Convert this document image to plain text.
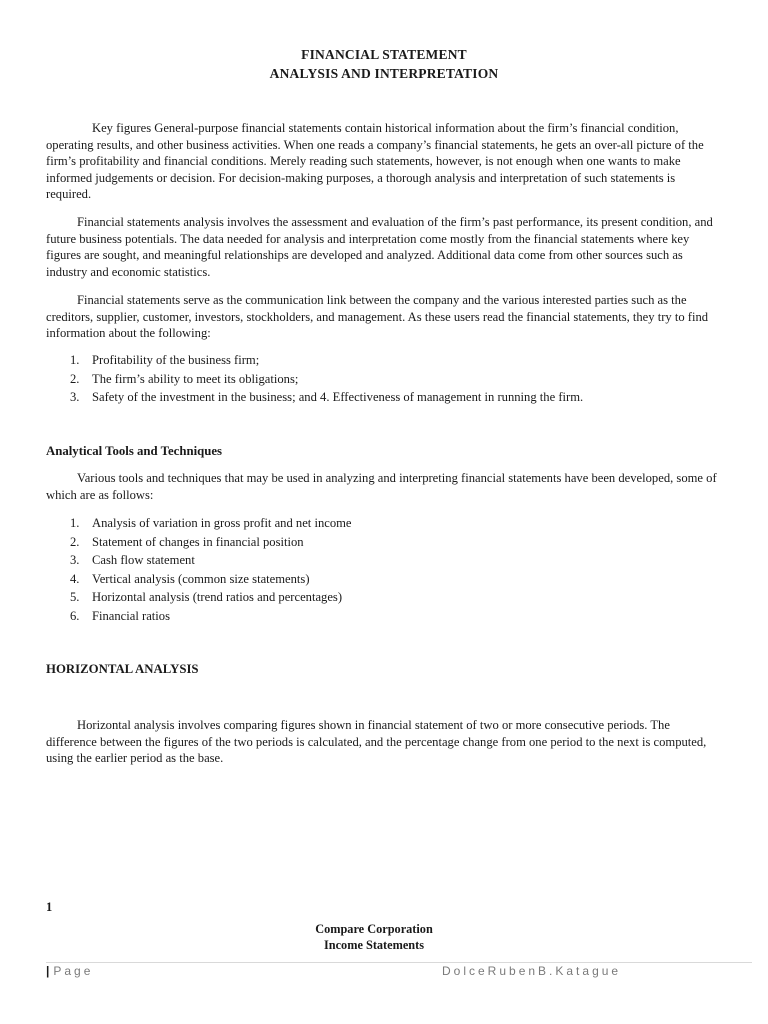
FINANCIAL STATEMENT
ANALYSIS AND INTERPRETATION

Key figures General-purpose financial statements contain historical information about the firm’s financial condition, operating results, and other business activities. When one reads a company’s financial statements, he gets an over-all picture of the firm’s profitability and financial conditions. Merely reading such statements, however, is not enough when one wants to make informed judgements or decision. For decision-making purposes, a thorough analysis and interpretation of such statements is required.

Financial statements analysis involves the assessment and evaluation of the firm’s past performance, its present condition, and future business potentials. The data needed for analysis and interpretation come mostly from the financial statements where key figures are sought, and meaningful relationships are developed and analyzed. Additional data come from other sources such as industry and economic statistics.

Financial statements serve as the communication link between the company and the various interested parties such as the creditors, supplier, customer, investors, stockholders, and management. As these users read the financial statements, they try to find information about the following:

1. Profitability of the business firm;
2. The firm’s ability to meet its obligations;
3. Safety of the investment in the business; and 4. Effectiveness of management in running the firm.
Analytical Tools and Techniques

Various tools and techniques that may be used in analyzing and interpreting financial statements have been developed, some of which are as follows:

1. Analysis of variation in gross profit and net income
2. Statement of changes in financial position
3. Cash flow statement
4. Vertical analysis (common size statements)
5. Horizontal analysis (trend ratios and percentages)
6. Financial ratios
HORIZONTAL ANALYSIS

Horizontal analysis involves comparing figures shown in financial statement of two or more consecutive periods. The difference between the figures of the two periods is calculated, and the percentage change from one period to the next is computed, using the earlier period as the base.

1
Compare Corporation
Income Statements
| Page	DolceRubenB.Katague
